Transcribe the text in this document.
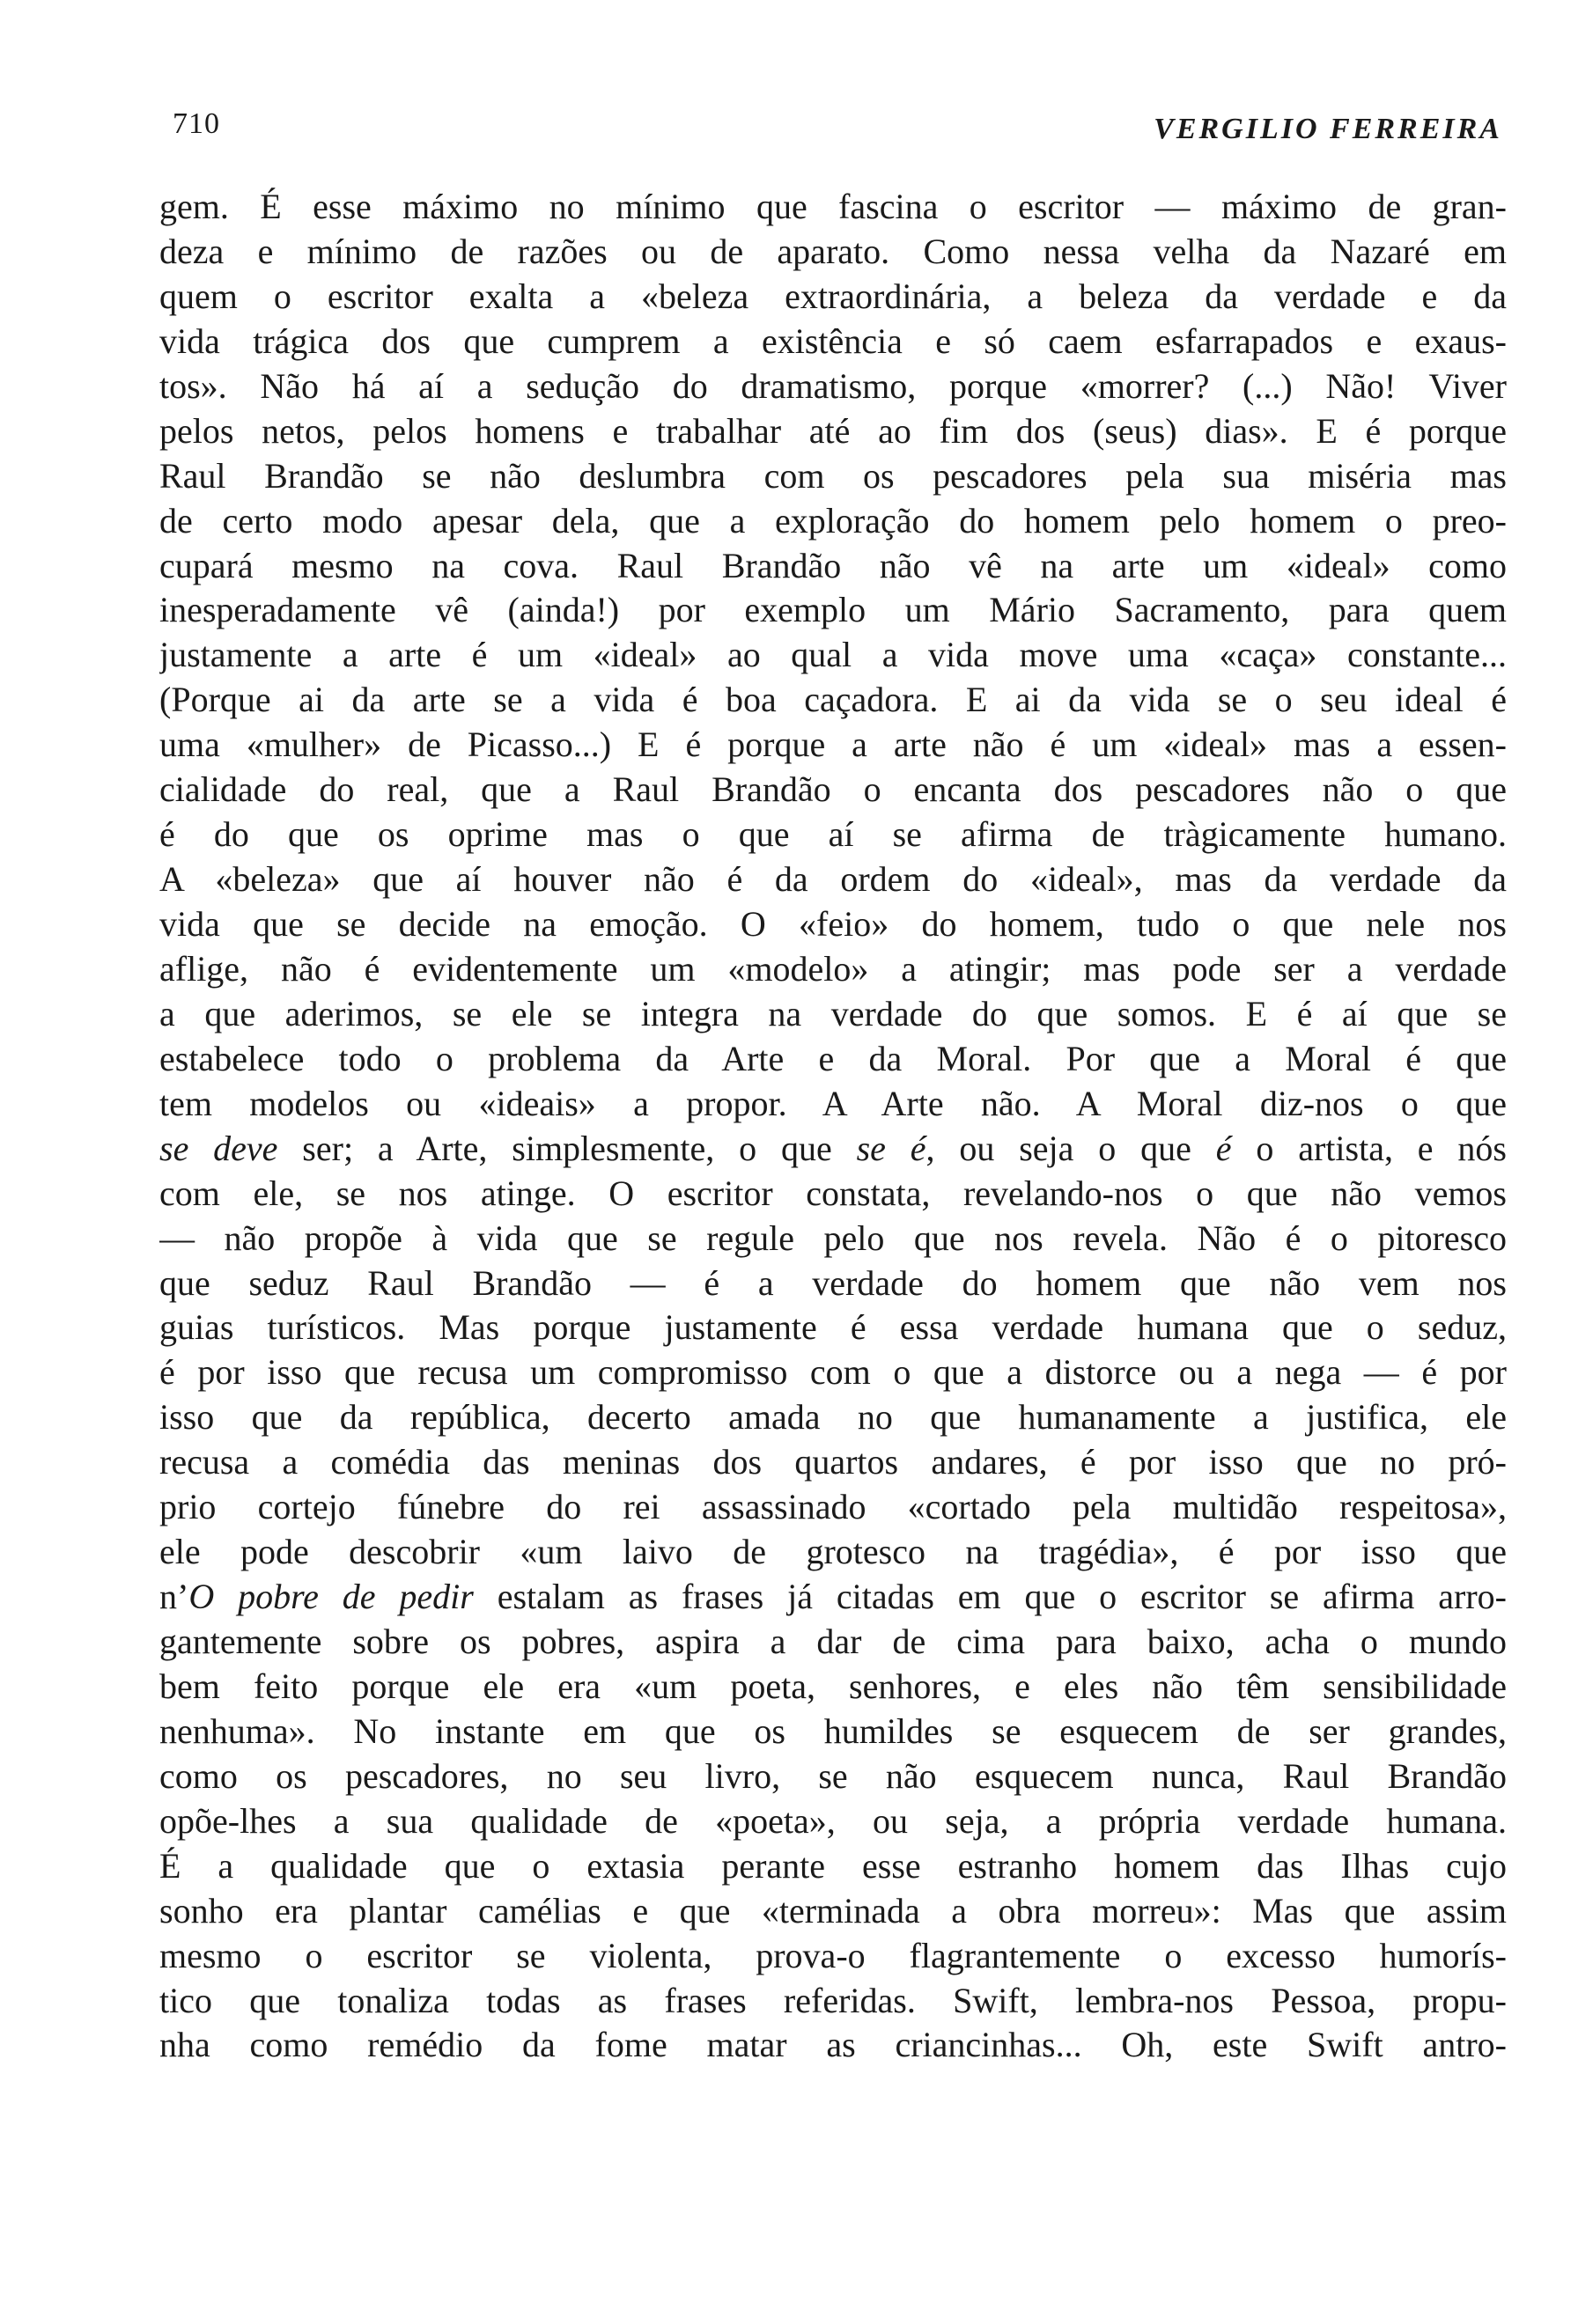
710	VERGILIO FERREIRA
gem. É esse máximo no mínimo que fascina o escritor — máximo de gran-
deza e mínimo de razões ou de aparato. Como nessa velha da Nazaré em
quem o escritor exalta a «beleza extraordinária, a beleza da verdade e da
vida trágica dos que cumprem a existência e só caem esfarrapados e exaus-
tos». Não há aí a sedução do dramatismo, porque «morrer? (...) Não! Viver
pelos netos, pelos homens e trabalhar até ao fim dos (seus) dias». E é porque
Raul Brandão se não deslumbra com os pescadores pela sua miséria mas
de certo modo apesar dela, que a exploração do homem pelo homem o preo-
cupará mesmo na cova. Raul Brandão não vê na arte um «ideal» como
inesperadamente vê (ainda!) por exemplo um Mário Sacramento, para quem
justamente a arte é um «ideal» ao qual a vida move uma «caça» constante...
(Porque ai da arte se a vida é boa caçadora. E ai da vida se o seu ideal é
uma «mulher» de Picasso...) E é porque a arte não é um «ideal» mas a essen-
cialidade do real, que a Raul Brandão o encanta dos pescadores não o que
é do que os oprime mas o que aí se afirma de tràgicamente humano.
A «beleza» que aí houver não é da ordem do «ideal», mas da verdade da
vida que se decide na emoção. O «feio» do homem, tudo o que nele nos
aflige, não é evidentemente um «modelo» a atingir; mas pode ser a verdade
a que aderimos, se ele se integra na verdade do que somos. E é aí que se
estabelece todo o problema da Arte e da Moral. Por que a Moral é que
tem modelos ou «ideais» a propor. A Arte não. A Moral diz-nos o que
se deve ser; a Arte, simplesmente, o que se é, ou seja o que é o artista, e nós
com ele, se nos atinge. O escritor constata, revelando-nos o que não vemos
— não propõe à vida que se regule pelo que nos revela. Não é o pitoresco
que seduz Raul Brandão — é a verdade do homem que não vem nos
guias turísticos. Mas porque justamente é essa verdade humana que o seduz,
é por isso que recusa um compromisso com o que a distorce ou a nega — é por
isso que da república, decerto amada no que humanamente a justifica, ele
recusa a comédia das meninas dos quartos andares, é por isso que no pró-
prio cortejo fúnebre do rei assassinado «cortado pela multidão respeitosa»,
ele pode descobrir «um laivo de grotesco na tragédia», é por isso que
n’O pobre de pedir estalam as frases já citadas em que o escritor se afirma arro-
gantemente sobre os pobres, aspira a dar de cima para baixo, acha o mundo
bem feito porque ele era «um poeta, senhores, e eles não têm sensibilidade
nenhuma». No instante em que os humildes se esquecem de ser grandes,
como os pescadores, no seu livro, se não esquecem nunca, Raul Brandão
opõe-lhes a sua qualidade de «poeta», ou seja, a própria verdade humana.
É a qualidade que o extasia perante esse estranho homem das Ilhas cujo
sonho era plantar camélias e que «terminada a obra morreu»: Mas que assim
mesmo o escritor se violenta, prova-o flagrantemente o excesso humorís-
tico que tonaliza todas as frases referidas. Swift, lembra-nos Pessoa, propu-
nha como remédio da fome matar as criancinhas... Oh, este Swift antro-
